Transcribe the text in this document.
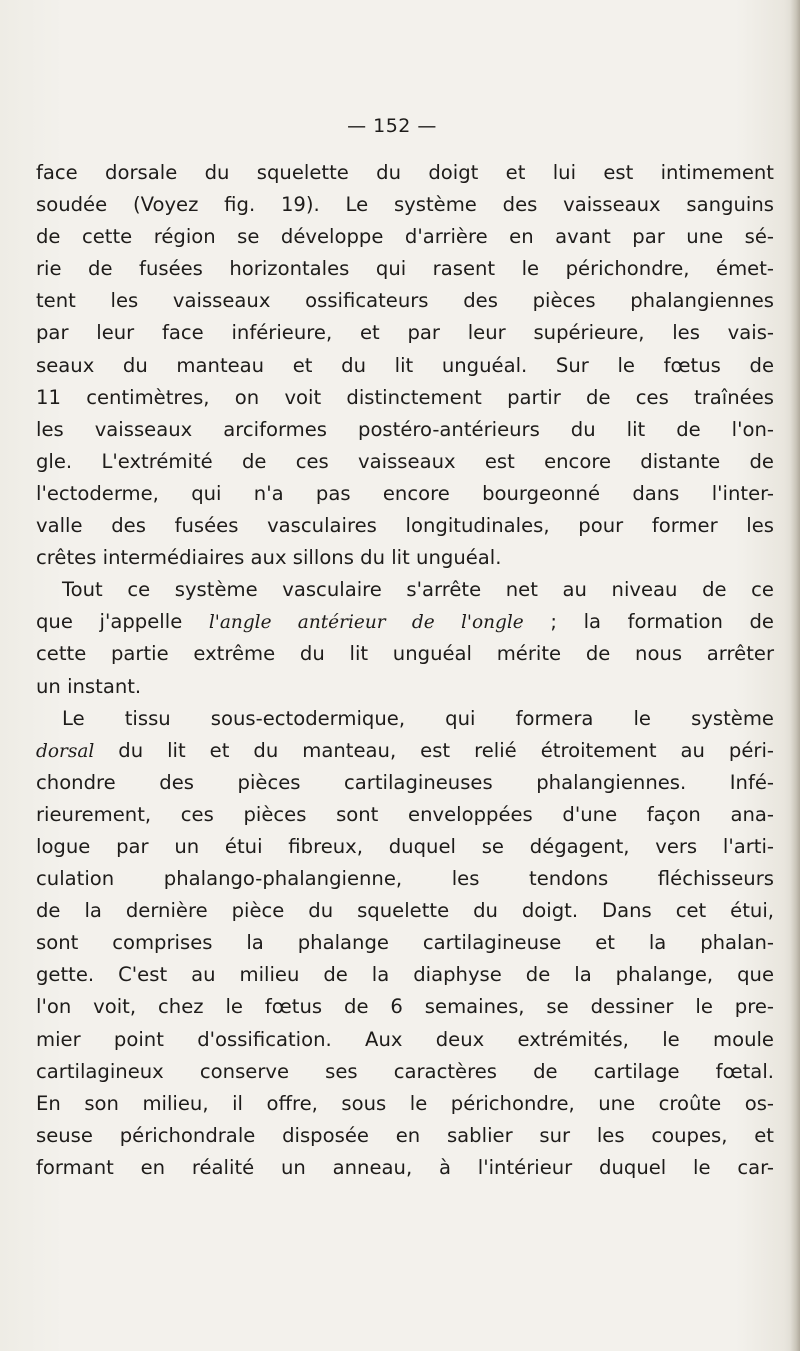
— 152 —
face dorsale du squelette du doigt et lui est intimement
soudée (Voyez fig. 19). Le système des vaisseaux sanguins
de cette région se développe d'arrière en avant par une sé-
rie de fusées horizontales qui rasent le périchondre, émet-
tent les vaisseaux ossificateurs des pièces phalangiennes
par leur face inférieure, et par leur supérieure, les vais-
seaux du manteau et du lit unguéal. Sur le fœtus de
11 centimètres, on voit distinctement partir de ces traînées
les vaisseaux arciformes postéro-antérieurs du lit de l'on-
gle. L'extrémité de ces vaisseaux est encore distante de
l'ectoderme, qui n'a pas encore bourgeonné dans l'inter-
valle des fusées vasculaires longitudinales, pour former les
crêtes intermédiaires aux sillons du lit unguéal.
Tout ce système vasculaire s'arrête net au niveau de ce
que j'appelle l'angle antérieur de l'ongle ; la formation de
cette partie extrême du lit unguéal mérite de nous arrêter
un instant.
Le tissu sous-ectodermique, qui formera le système
dorsal du lit et du manteau, est relié étroitement au péri-
chondre des pièces cartilagineuses phalangiennes. Infé-
rieurement, ces pièces sont enveloppées d'une façon ana-
logue par un étui fibreux, duquel se dégagent, vers l'arti-
culation phalango-phalangienne, les tendons fléchisseurs
de la dernière pièce du squelette du doigt. Dans cet étui,
sont comprises la phalange cartilagineuse et la phalan-
gette. C'est au milieu de la diaphyse de la phalange, que
l'on voit, chez le fœtus de 6 semaines, se dessiner le pre-
mier point d'ossification. Aux deux extrémités, le moule
cartilagineux conserve ses caractères de cartilage fœtal.
En son milieu, il offre, sous le périchondre, une croûte os-
seuse périchondrale disposée en sablier sur les coupes, et
formant en réalité un anneau, à l'intérieur duquel le car-
